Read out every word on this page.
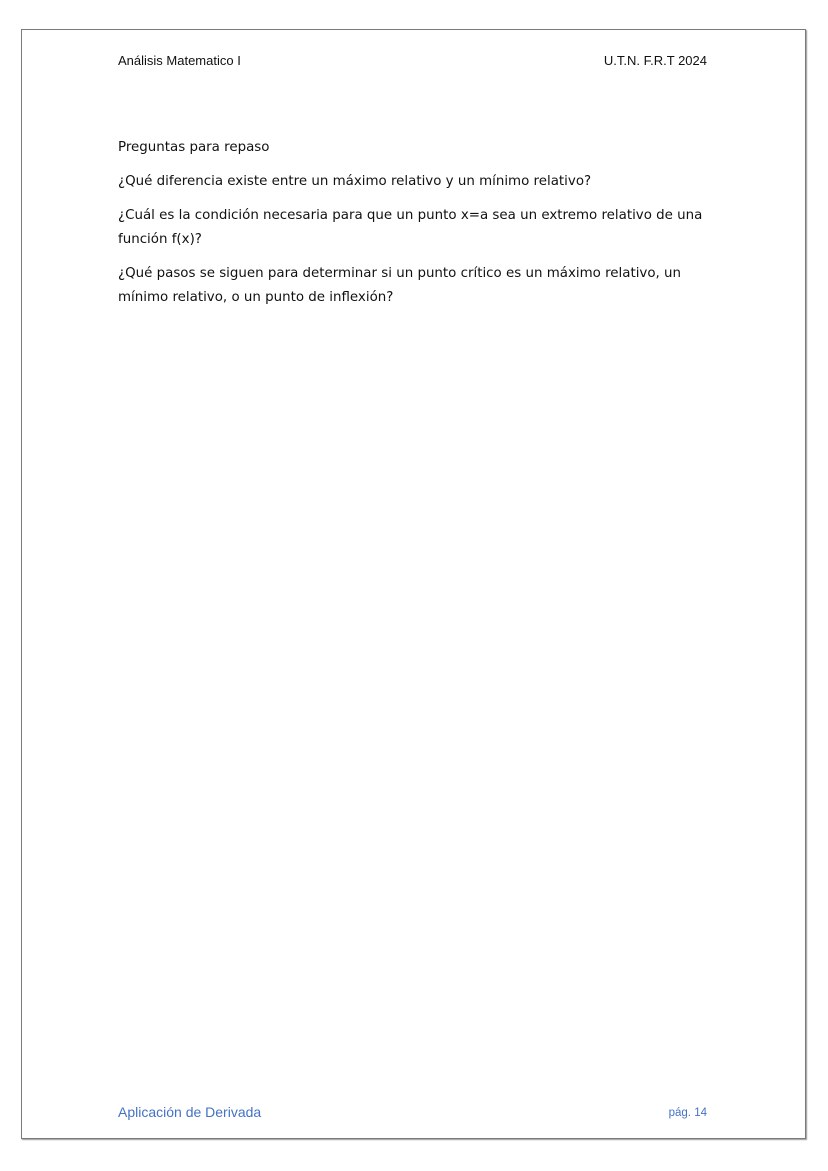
Análisis Matematico I	U.T.N. F.R.T 2024

Preguntas para repaso

¿Qué diferencia existe entre un máximo relativo y un mínimo relativo?

¿Cuál es la condición necesaria para que un punto x=a sea un extremo relativo de una función f(x)?

¿Qué pasos se siguen para determinar si un punto crítico es un máximo relativo, un mínimo relativo, o un punto de inflexión?

Aplicación de Derivada	pág. 14
